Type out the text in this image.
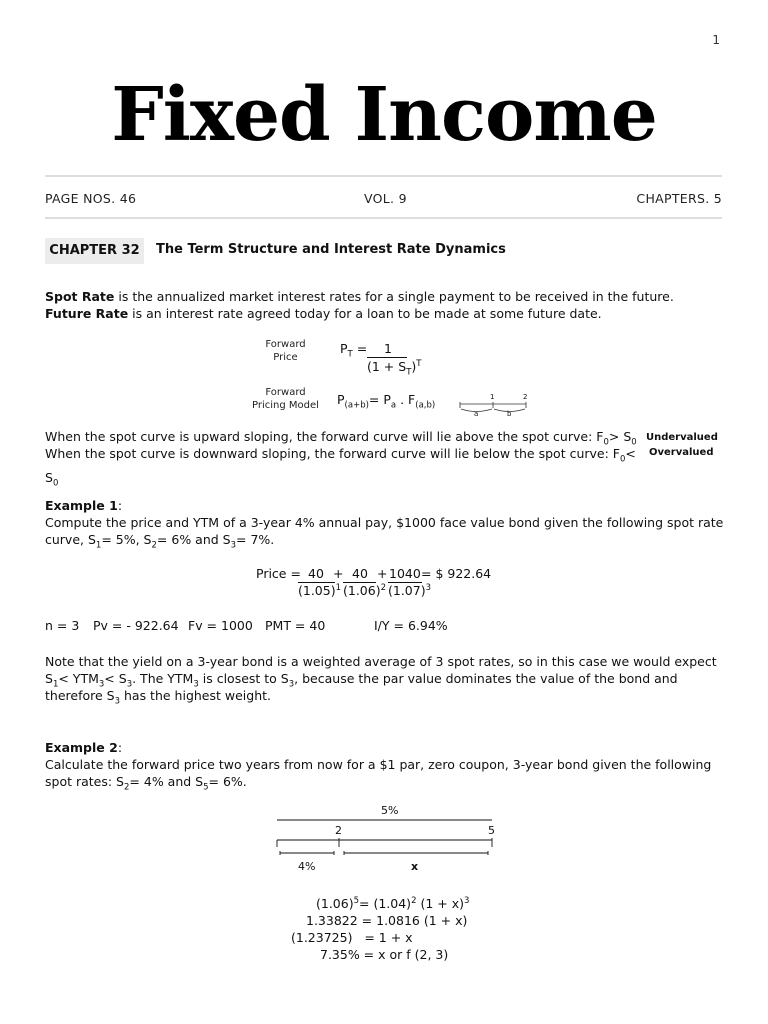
1
Fixed Income
PAGE NOS. 46	VOL. 9	CHAPTERS. 5
CHAPTER 32	The Term Structure and Interest Rate Dynamics
Spot Rate is the annualized market interest rates for a single payment to be received in the future.
Future Rate is an interest rate agreed today for a loan to be made at some future date.
Forward
Price
$P_T = 1$
$(1 + S_T)^T$
Forward
Pricing Model	$P_{(a+b)}= P_a$ . $F_{(a,b)}$
1	2
a	b
When the spot curve is upward sloping, the forward curve will lie above the spot curve: $F_0> S_0$ Undervalued
When the spot curve is downward sloping, the forward curve will lie below the spot curve: $F_0< S_0$
Overvalued
Example 1:
Compute the price and YTM of a 3-year 4% annual pay, $1000 face value bond given the following spot rate
curve, $S_1= 5\%$, $S_2= 6\%$ and $S_3= 7\%$.
Price = 40 + 40 + 1040 = $ 922.64
$(1.05)^1$ $(1.06)^2$ $(1.07)^3$
n = 3 Pv = - 922.64 Fv = 1000 PMT = 40	I/Y = 6.94%
Note that the yield on a 3-year bond is a weighted average of 3 spot rates, so in this case we would expect
$S_1< YTM_3< S_3$. The $YTM_3$ is closest to $S_3$, because the par value dominates the value of the bond and
therefore $S_3$ has the highest weight.
Example 2:
Calculate the forward price two years from now for a $1 par, zero coupon, 3-year bond given the following
spot rates: $S_2= 4\%$ and $S_5= 6\%$.
5%
2	5
4%	x
$(1.06)^5= (1.04)^2$ $(1 + x)^3$
1.33822 = 1.0816 (1 + x)
(1.23725)   = 1 + x
7.35% = x or f (2, 3)
